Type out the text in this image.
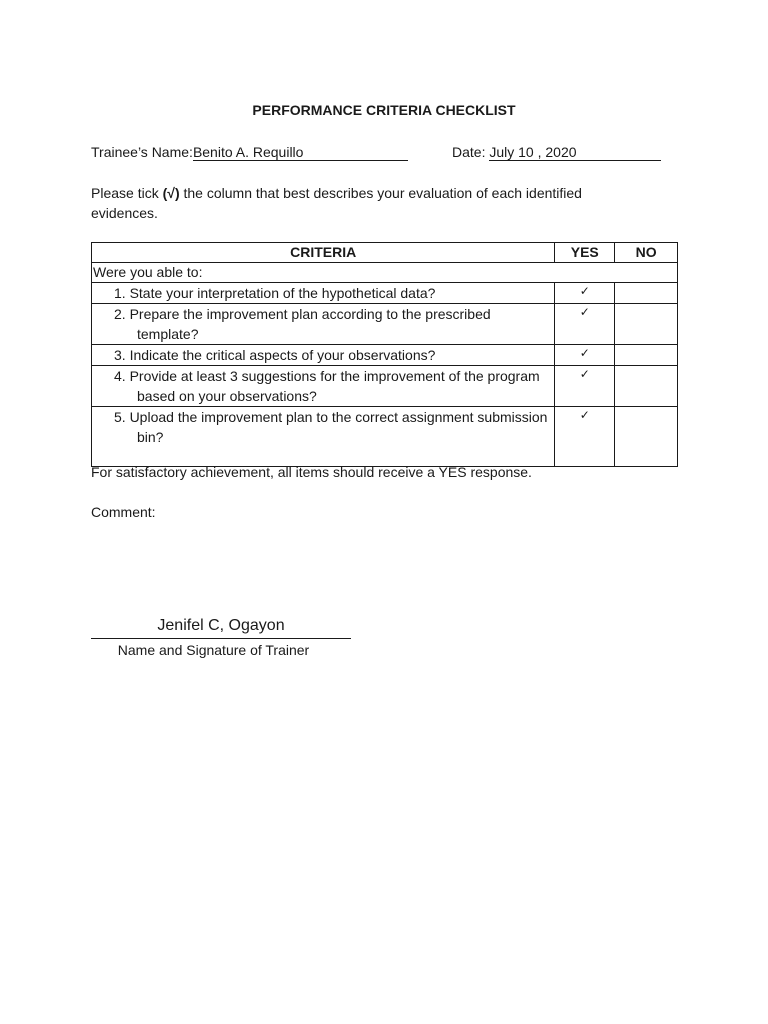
PERFORMANCE CRITERIA CHECKLIST
Trainee’s Name:Benito A. Requillo	Date: July 10 , 2020
Please tick (√) the column that best describes your evaluation of each identified evidences.
CRITERIA	YES	NO
Were you able to:		

1. State your interpretation of the hypothetical data?	✓	

2. Prepare the improvement plan according to the prescribed template?	✓	

3. Indicate the critical aspects of your observations?	✓	

4. Provide at least 3 suggestions for the improvement of the program based on your observations?	✓	

5. Upload the improvement plan to the correct assignment submission bin?	✓	
For satisfactory achievement, all items should receive a YES response.
Comment:
Jenifel C, Ogayon
Name and Signature of Trainer
